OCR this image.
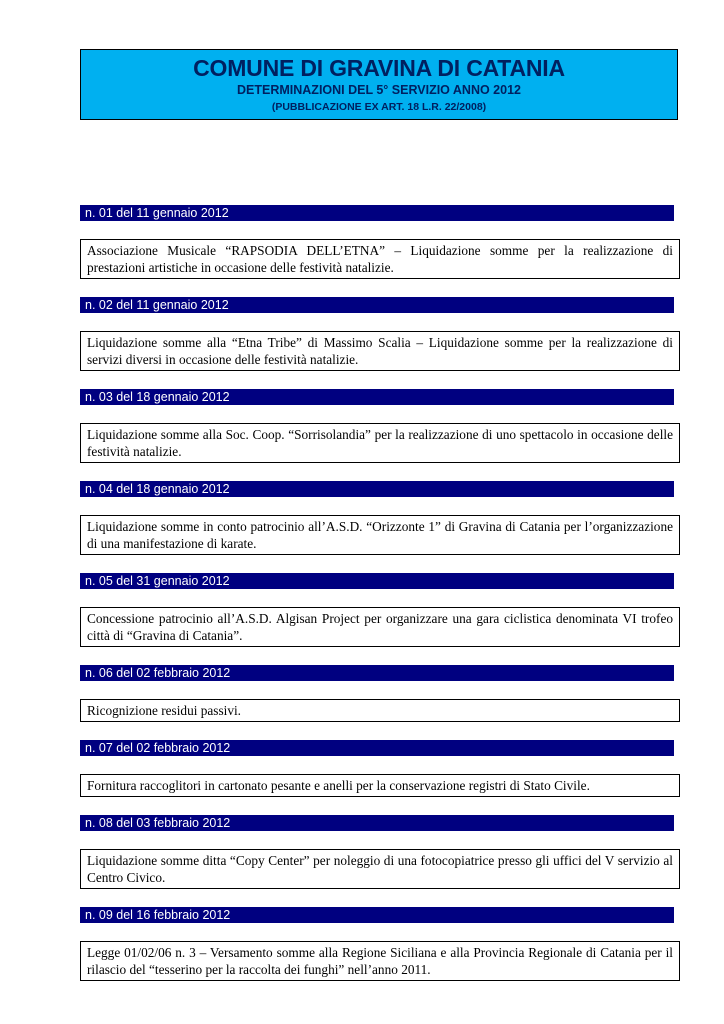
COMUNE DI GRAVINA DI CATANIA
DETERMINAZIONI DEL 5° SERVIZIO ANNO 2012
(PUBBLICAZIONE EX ART. 18 L.R. 22/2008)
n. 01 del 11 gennaio 2012
Associazione Musicale “RAPSODIA DELL’ETNA” – Liquidazione somme per la realizzazione di prestazioni artistiche in occasione delle festività natalizie.
n. 02 del 11 gennaio 2012
Liquidazione somme alla “Etna Tribe” di Massimo Scalia – Liquidazione somme per la realizzazione di servizi diversi in occasione delle festività natalizie.
n. 03 del 18 gennaio 2012
Liquidazione somme alla Soc. Coop. “Sorrisolandia” per la realizzazione di uno spettacolo in occasione delle festività natalizie.
n. 04 del 18 gennaio 2012
Liquidazione somme in conto patrocinio all’A.S.D. “Orizzonte 1” di Gravina di Catania per l’organizzazione di una manifestazione di karate.
n. 05 del 31 gennaio 2012
Concessione patrocinio all’A.S.D. Algisan Project per organizzare una gara ciclistica denominata VI trofeo città di “Gravina di Catania”.
n. 06 del 02 febbraio 2012
Ricognizione residui passivi.
n. 07 del 02 febbraio 2012
Fornitura raccoglitori in cartonato pesante e anelli per la conservazione registri di Stato Civile.
n. 08 del 03 febbraio 2012
Liquidazione somme ditta “Copy Center” per noleggio di una fotocopiatrice presso gli uffici del V servizio al Centro Civico.
n. 09 del 16 febbraio 2012
Legge 01/02/06 n. 3 – Versamento somme alla Regione Siciliana e alla Provincia Regionale di Catania per il rilascio del “tesserino per la raccolta dei funghi” nell’anno 2011.
